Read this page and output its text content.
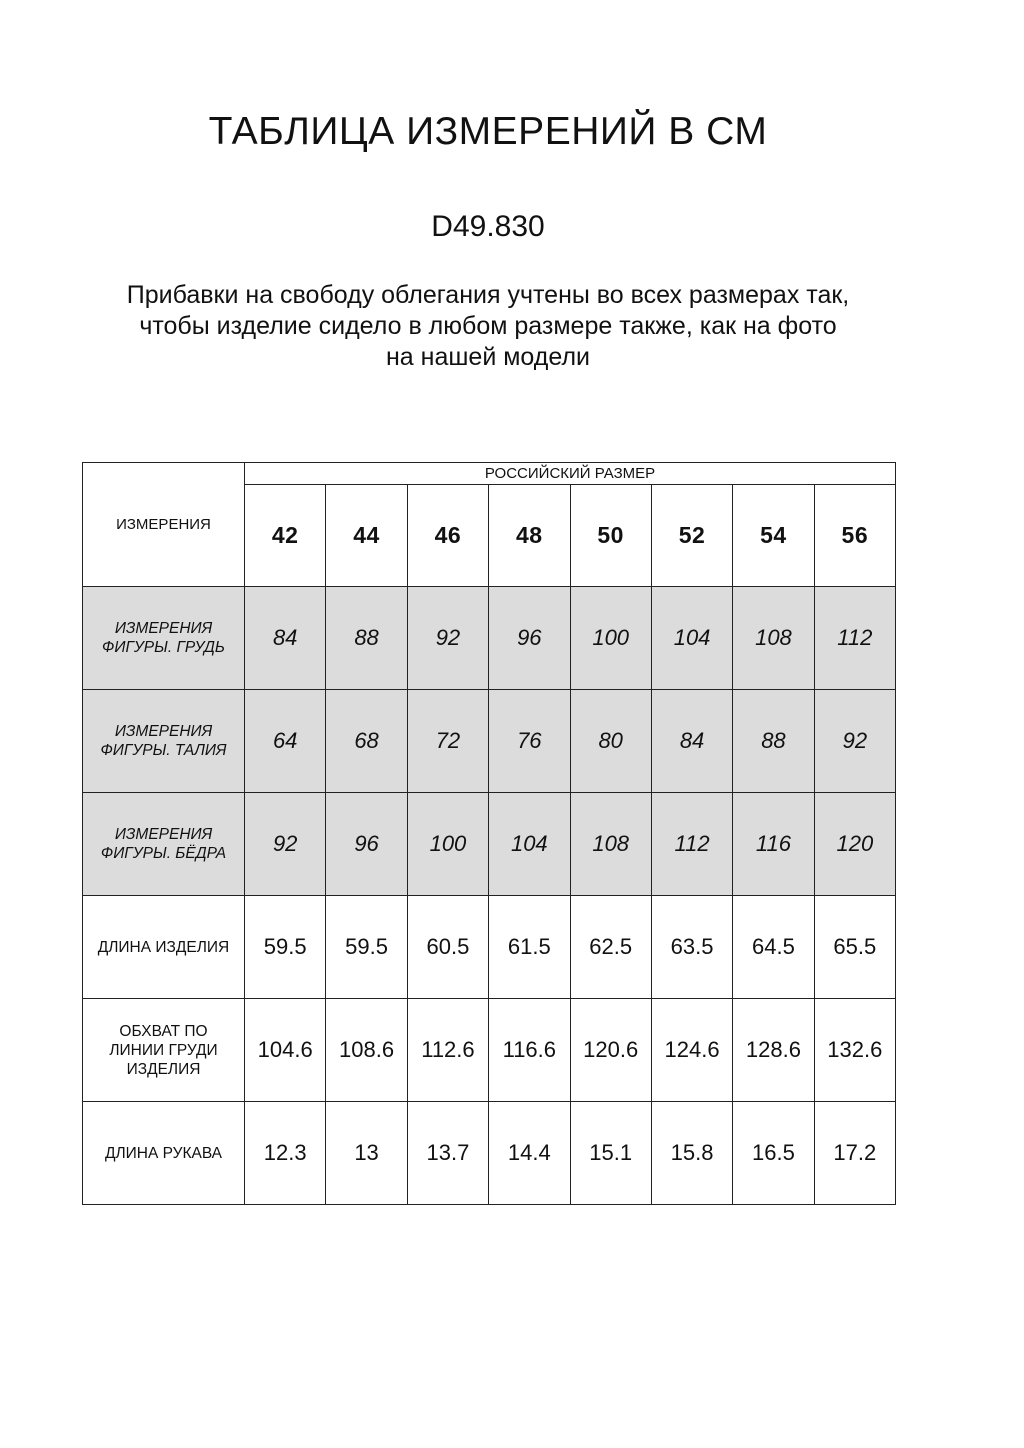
ТАБЛИЦА ИЗМЕРЕНИЙ В СМ
D49.830
Прибавки на свободу облегания учтены во всех размерах так,
чтобы изделие сидело в любом размере также, как на фото
на нашей модели
ИЗМЕРЕНИЯ	РОССИЙСКИЙ РАЗМЕР							
	42	44	46	48	50	52	54	56

ИЗМЕРЕНИЯ
ФИГУРЫ. ГРУДЬ	84	88	92	96	100	104	108	112

ИЗМЕРЕНИЯ
ФИГУРЫ. ТАЛИЯ	64	68	72	76	80	84	88	92

ИЗМЕРЕНИЯ
ФИГУРЫ. БЁДРА	92	96	100	104	108	112	116	120

ДЛИНА ИЗДЕЛИЯ	59.5	59.5	60.5	61.5	62.5	63.5	64.5	65.5

ОБХВАТ ПО
ЛИНИИ ГРУДИ
ИЗДЕЛИЯ	104.6	108.6	112.6	116.6	120.6	124.6	128.6	132.6

ДЛИНА РУКАВА	12.3	13	13.7	14.4	15.1	15.8	16.5	17.2
